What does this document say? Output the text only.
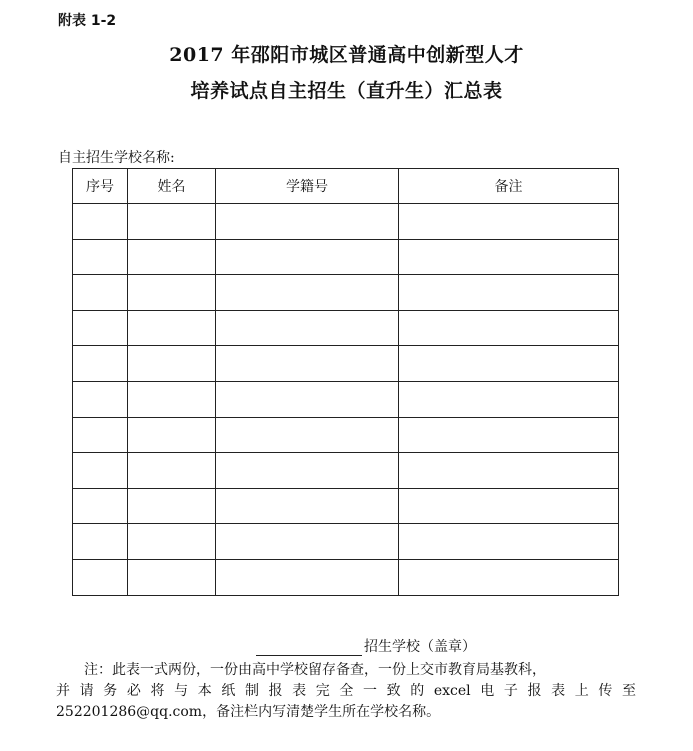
附表 1-2
2017 年邵阳市城区普通高中创新型人才
培养试点自主招生（直升生）汇总表
自主招生学校名称:
序号	姓名	学籍号	备注

招生学校（盖章）
注：此表一式两份，一份由高中学校留存备查，一份上交市教育局基教科，
并请务必将与本纸制报表完全一致的excel电子报表上传至
252201286@qq.com，备注栏内写清楚学生所在学校名称。
